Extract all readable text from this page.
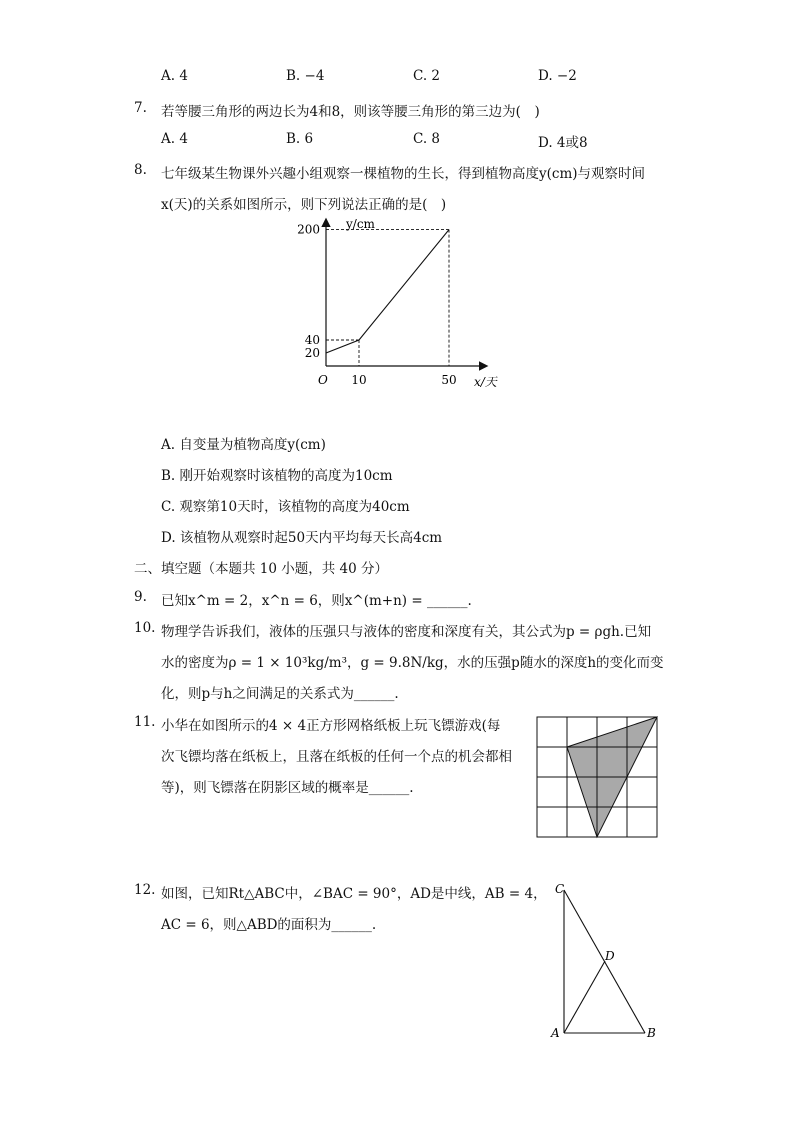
A. 4	B. −4	C. 2	D. −2
7. 若等腰三角形的两边长为4和8，则该等腰三角形的第三边为(　)
A. 4	B. 6	C. 8	D. 4或8
8. 七年级某生物课外兴趣小组观察一棵植物的生长，得到植物高度y(cm)与观察时间
x(天)的关系如图所示，则下列说法正确的是(　)
20
40
200
10	50
y/cm
x/天
O
A. 自变量为植物高度y(cm)
B. 刚开始观察时该植物的高度为10cm
C. 观察第10天时，该植物的高度为40cm
D. 该植物从观察时起50天内平均每天长高4cm
二、填空题（本题共 10 小题，共 40 分）
9. 已知x^m = 2，x^n = 6，则x^(m+n) = ______.
10. 物理学告诉我们，液体的压强只与液体的密度和深度有关，其公式为p = ρgh.已知
水的密度为ρ = 1 × 10³kg/m³，g = 9.8N/kg，水的压强p随水的深度h的变化而变
化，则p与h之间满足的关系式为______.
11. 小华在如图所示的4 × 4正方形网格纸板上玩飞镖游戏(每
次飞镖均落在纸板上，且落在纸板的任何一个点的机会都相
等)，则飞镖落在阴影区域的概率是______.
12. 如图，已知Rt△ABC中，∠BAC = 90°，AD是中线，AB = 4，
AC = 6，则△ABD的面积为______.
C
D
A	B
